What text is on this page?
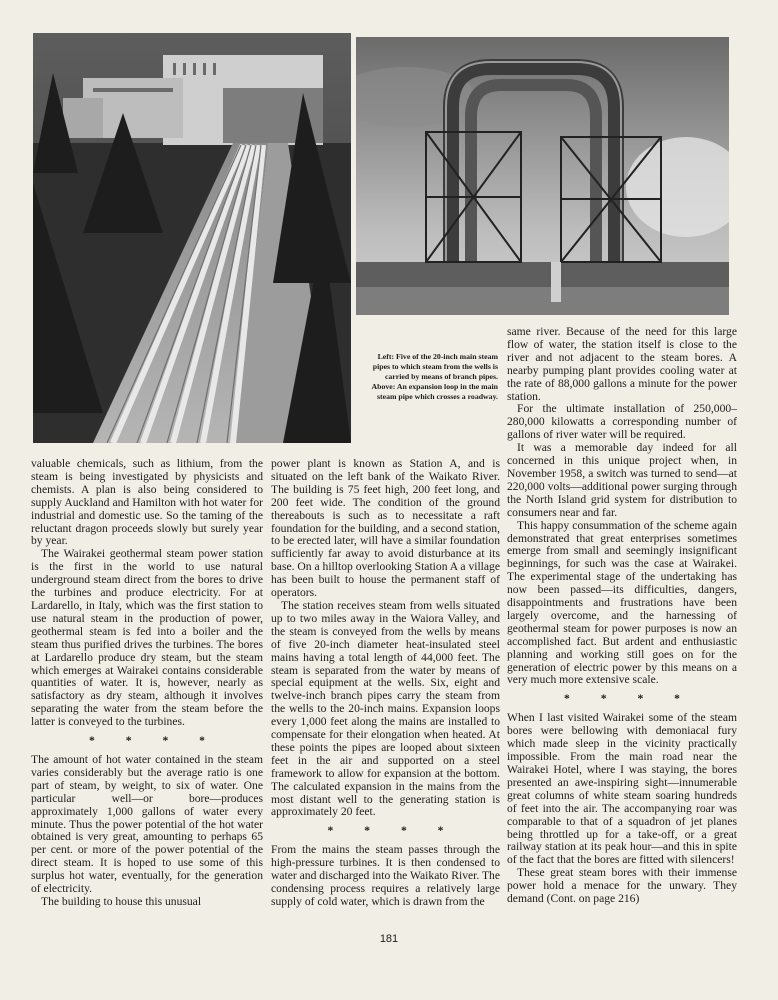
Left: Five of the 20-inch main steam pipes to which steam from the wells is carried by means of branch pipes. Above: An expansion loop in the main steam pipe which crosses a roadway.

valuable chemicals, such as lithium, from the steam is being investigated by physicists and chemists. A plan is also being considered to supply Auckland and Hamilton with hot water for industrial and domestic use. So the taming of the reluctant dragon proceeds slowly but surely year by year.

The Wairakei geothermal steam power station is the first in the world to use natural underground steam direct from the bores to drive the turbines and produce electricity. For at Lardarello, in Italy, which was the first station to use natural steam in the production of power, geothermal steam is fed into a boiler and the steam thus purified drives the turbines. The bores at Lardarello produce dry steam, but the steam which emerges at Wairakei contains considerable quantities of water. It is, however, nearly as satisfactory as dry steam, although it involves separating the water from the steam before the latter is conveyed to the turbines.

* * * *

The amount of hot water contained in the steam varies considerably but the average ratio is one part of steam, by weight, to six of water. One particular well—or bore—produces approximately 1,000 gallons of water every minute. Thus the power potential of the hot water obtained is very great, amounting to perhaps 65 per cent. or more of the power potential of the direct steam. It is hoped to use some of this surplus hot water, eventually, for the generation of electricity.

The building to house this unusual

power plant is known as Station A, and is situated on the left bank of the Waikato River. The building is 75 feet high, 200 feet long, and 200 feet wide. The condition of the ground thereabouts is such as to necessitate a raft foundation for the building, and a second station, to be erected later, will have a similar foundation sufficiently far away to avoid disturbance at its base. On a hilltop overlooking Station A a village has been built to house the permanent staff of operators.

The station receives steam from wells situated up to two miles away in the Waiora Valley, and the steam is conveyed from the wells by means of five 20-inch diameter heat-insulated steel mains having a total length of 44,000 feet. The steam is separated from the water by means of special equipment at the wells. Six, eight and twelve-inch branch pipes carry the steam from the wells to the 20-inch mains. Expansion loops every 1,000 feet along the mains are installed to compensate for their elongation when heated. At these points the pipes are looped about sixteen feet in the air and supported on a steel framework to allow for expansion at the bottom. The calculated expansion in the mains from the most distant well to the generating station is approximately 20 feet.

* * * *

From the mains the steam passes through the high-pressure turbines. It is then condensed to water and discharged into the Waikato River. The condensing process requires a relatively large supply of cold water, which is drawn from the

same river. Because of the need for this large flow of water, the station itself is close to the river and not adjacent to the steam bores. A nearby pumping plant provides cooling water at the rate of 88,000 gallons a minute for the power station.

For the ultimate installation of 250,000–280,000 kilowatts a corresponding number of gallons of river water will be required.

It was a memorable day indeed for all concerned in this unique project when, in November 1958, a switch was turned to send—at 220,000 volts—additional power surging through the North Island grid system for distribution to consumers near and far.

This happy consummation of the scheme again demonstrated that great enterprises sometimes emerge from small and seemingly insignificant beginnings, for such was the case at Wairakei. The experimental stage of the undertaking has now been passed—its difficulties, dangers, disappointments and frustrations have been largely overcome, and the harnessing of geothermal steam for power purposes is now an accomplished fact. But ardent and enthusiastic planning and working still goes on for the generation of electric power by this means on a very much more extensive scale.

* * * *

When I last visited Wairakei some of the steam bores were bellowing with demoniacal fury which made sleep in the vicinity practically impossible. From the main road near the Wairakei Hotel, where I was staying, the bores presented an awe-inspiring sight—innumerable great columns of white steam soaring hundreds of feet into the air. The accompanying roar was comparable to that of a squadron of jet planes being throttled up for a take-off, or a great railway station at its peak hour—and this in spite of the fact that the bores are fitted with silencers!

These great steam bores with their immense power hold a menace for the unwary. They demand (Cont. on page 216)

181
